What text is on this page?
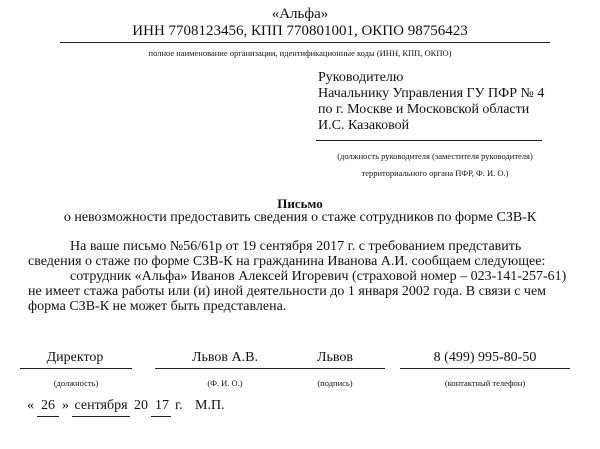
«Альфа»
ИНН 7708123456, КПП 770801001, ОКПО 98756423
полное наименование организации, идентификационные коды (ИНН, КПП, ОКПО)
Руководителю
Начальнику Управления ГУ ПФР № 4
по г. Москве и Московской области
И.С. Казаковой
(должность руководителя (заместителя руководителя)
территориального органа ПФР, Ф. И. О.)
Письмо
о невозможности предоставить сведения о стаже сотрудников по форме СЗВ-К
На ваше письмо №56/61р от 19 сентября 2017 г. с требованием представить
сведения о стаже по форме СЗВ-К на гражданина Иванова А.И. сообщаем следующее:
сотрудник «Альфа» Иванов Алексей Игоревич (страховой номер – 023-141-257-61)
не имеет стажа работы или (и) иной деятельности до 1 января 2002 года. В связи с чем
форма СЗВ-К не может быть представлена.
Директор	Львов А.В.	Львов	8 (499) 995-80-50
(должность)	(Ф. И. О.)	(подпись)	(контактный телефон)
« 26 » сентября 20 17 г. М.П.
